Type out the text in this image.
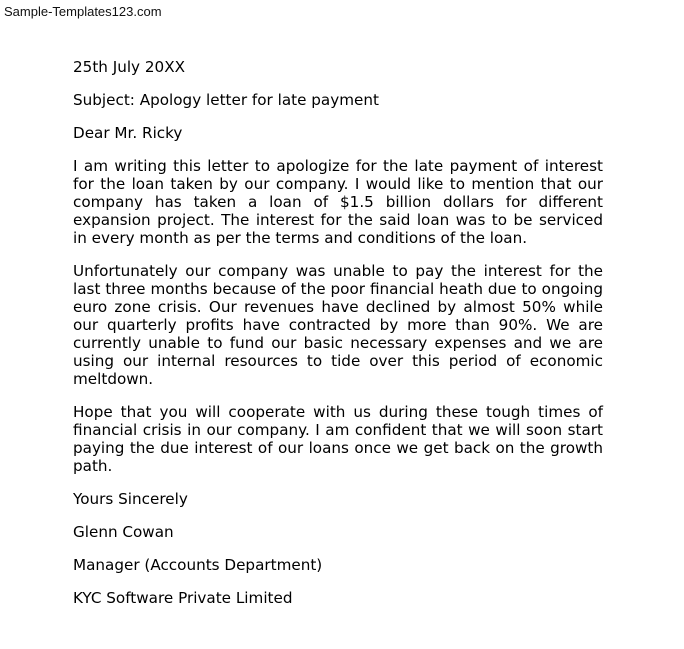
Sample-Templates123.com
25th July 20XX
Subject: Apology letter for late payment
Dear Mr. Ricky
I am writing this letter to apologize for the late payment of interest for the loan taken by our company. I would like to mention that our company has taken a loan of $1.5 billion dollars for different expansion project. The interest for the said loan was to be serviced in every month as per the terms and conditions of the loan.
Unfortunately our company was unable to pay the interest for the last three months because of the poor financial heath due to ongoing euro zone crisis. Our revenues have declined by almost 50% while our quarterly profits have contracted by more than 90%. We are currently unable to fund our basic necessary expenses and we are using our internal resources to tide over this period of economic meltdown.
Hope that you will cooperate with us during these tough times of financial crisis in our company. I am confident that we will soon start paying the due interest of our loans once we get back on the growth path.
Yours Sincerely
Glenn Cowan
Manager (Accounts Department)
KYC Software Private Limited
